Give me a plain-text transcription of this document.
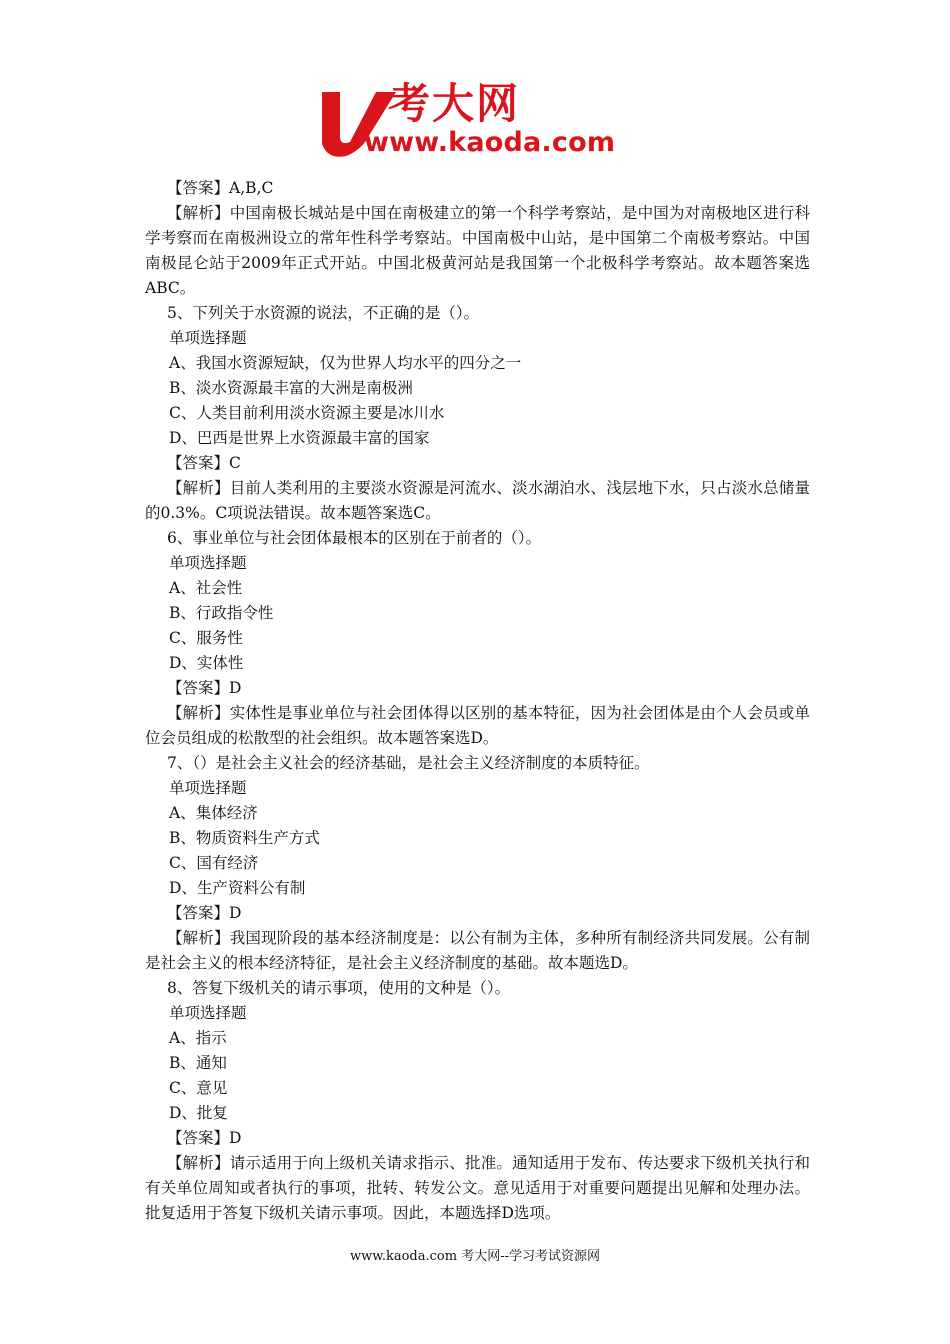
考大网
www.kaoda.com
【答案】A,B,C
【解析】中国南极长城站是中国在南极建立的第一个科学考察站，是中国为对南极地区进行科学考察而在南极洲设立的常年性科学考察站。中国南极中山站，是中国第二个南极考察站。中国南极昆仑站于2009年正式开站。中国北极黄河站是我国第一个北极科学考察站。故本题答案选ABC。
5、下列关于水资源的说法，不正确的是（）。
单项选择题
A、我国水资源短缺，仅为世界人均水平的四分之一
B、淡水资源最丰富的大洲是南极洲
C、人类目前利用淡水资源主要是冰川水
D、巴西是世界上水资源最丰富的国家
【答案】C
【解析】目前人类利用的主要淡水资源是河流水、淡水湖泊水、浅层地下水，只占淡水总储量的0.3%。C项说法错误。故本题答案选C。
6、事业单位与社会团体最根本的区别在于前者的（）。
单项选择题
A、社会性
B、行政指令性
C、服务性
D、实体性
【答案】D
【解析】实体性是事业单位与社会团体得以区别的基本特征，因为社会团体是由个人会员或单位会员组成的松散型的社会组织。故本题答案选D。
7、（）是社会主义社会的经济基础，是社会主义经济制度的本质特征。
单项选择题
A、集体经济
B、物质资料生产方式
C、国有经济
D、生产资料公有制
【答案】D
【解析】我国现阶段的基本经济制度是：以公有制为主体，多种所有制经济共同发展。公有制是社会主义的根本经济特征，是社会主义经济制度的基础。故本题选D。
8、答复下级机关的请示事项，使用的文种是（）。
单项选择题
A、指示
B、通知
C、意见
D、批复
【答案】D
【解析】请示适用于向上级机关请求指示、批准。通知适用于发布、传达要求下级机关执行和有关单位周知或者执行的事项，批转、转发公文。意见适用于对重要问题提出见解和处理办法。批复适用于答复下级机关请示事项。因此，本题选择D选项。
www.kaoda.com 考大网--学习考试资源网
